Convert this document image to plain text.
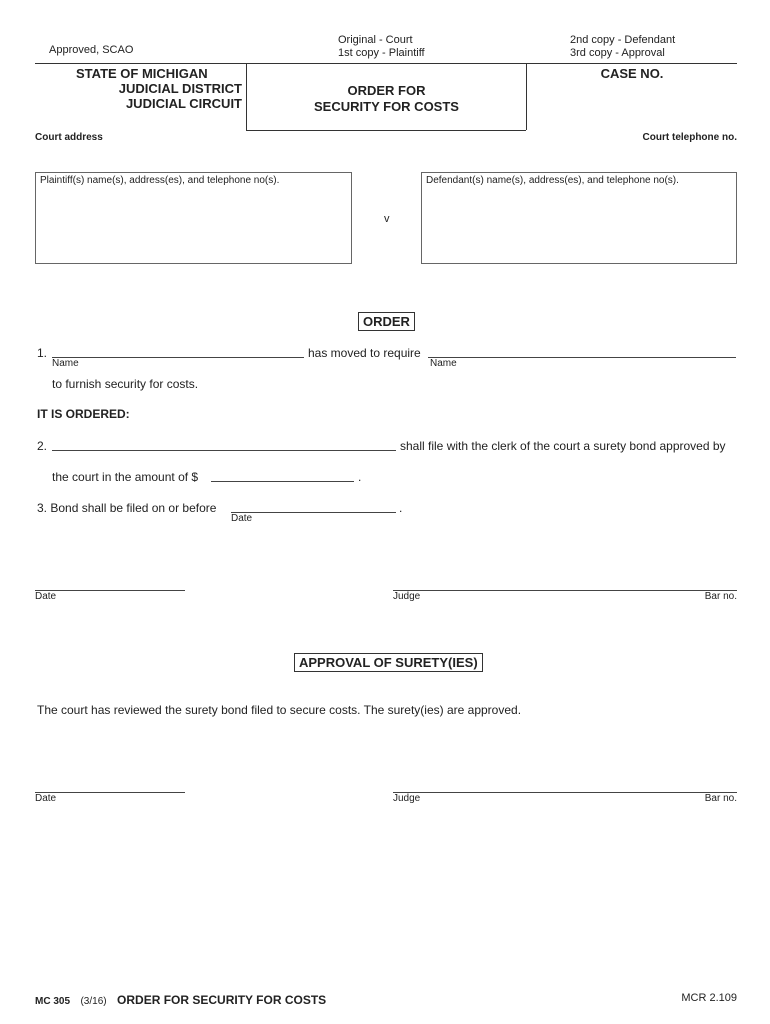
Approved, SCAO
Original - Court
1st copy - Plaintiff
2nd copy - Defendant
3rd copy - Approval
STATE OF MICHIGAN
JUDICIAL DISTRICT
JUDICIAL CIRCUIT
ORDER FOR
SECURITY FOR COSTS
CASE NO.
Court address	Court telephone no.
Plaintiff(s) name(s), address(es), and telephone no(s).
v
Defendant(s) name(s), address(es), and telephone no(s).
ORDER
1.
Name
has moved to require
Name
to furnish security for costs.
IT IS ORDERED:
2.	shall file with the clerk of the court a surety bond approved by
the court in the amount of $	.
3. Bond shall be filed on or before
Date
.
Date	Judge	Bar no.
APPROVAL OF SURETY(IES)
The court has reviewed the surety bond filed to secure costs. The surety(ies) are approved.
Date	Judge	Bar no.
MC 305 (3/16) ORDER FOR SECURITY FOR COSTS	MCR 2.109
